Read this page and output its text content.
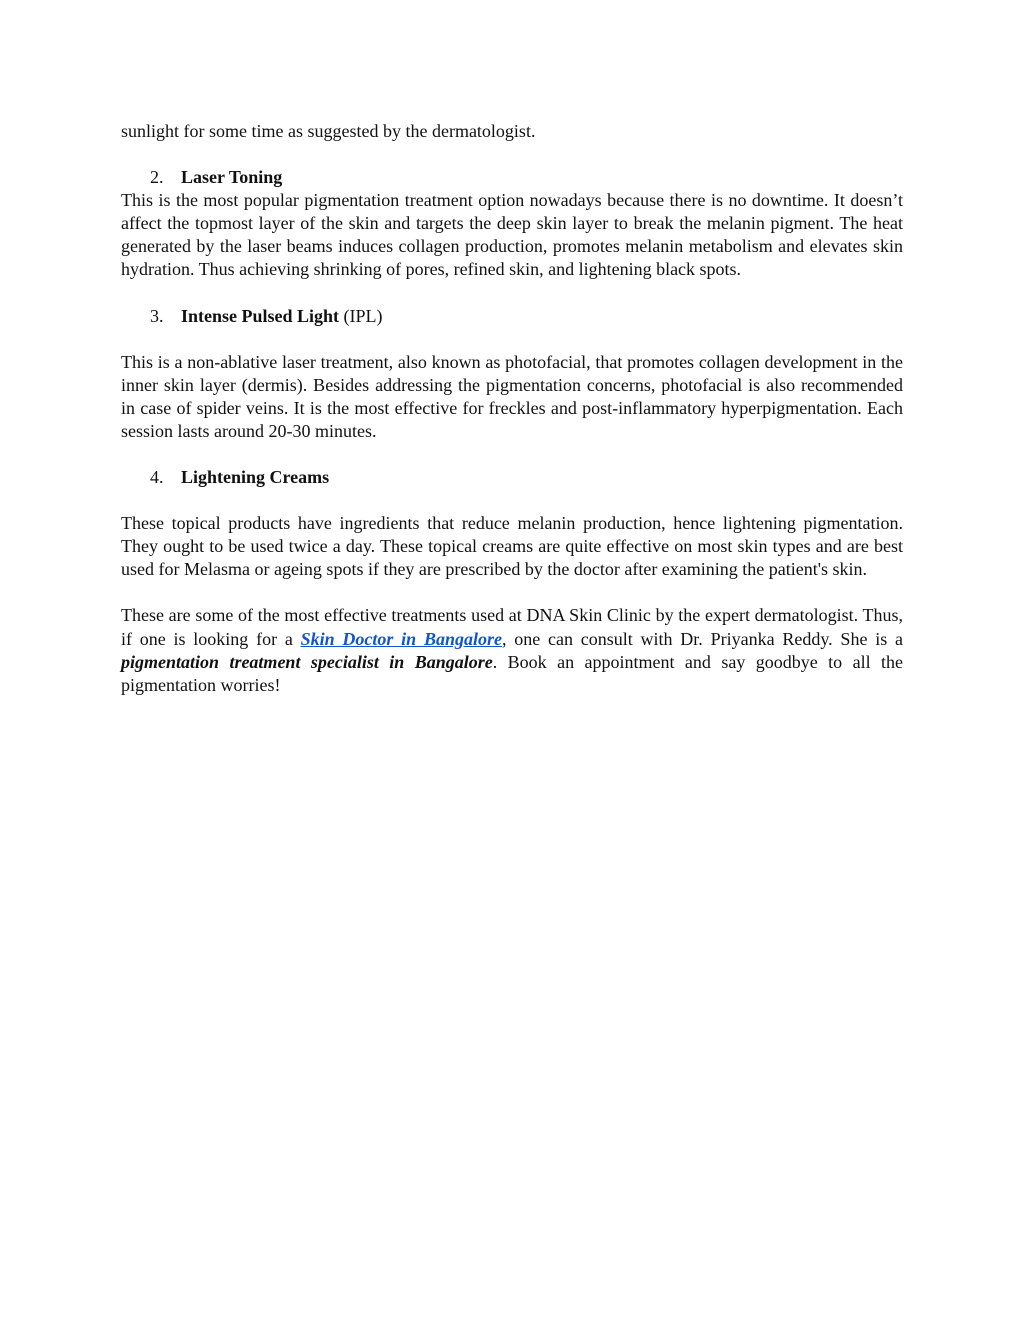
sunlight for some time as suggested by the dermatologist.

2. Laser Toning

This is the most popular pigmentation treatment option nowadays because there is no downtime. It doesn’t affect the topmost layer of the skin and targets the deep skin layer to break the melanin pigment. The heat generated by the laser beams induces collagen production, promotes melanin metabolism and elevates skin hydration. Thus achieving shrinking of pores, refined skin, and lightening black spots.

3. Intense Pulsed Light (IPL)

This is a non-ablative laser treatment, also known as photofacial, that promotes collagen development in the inner skin layer (dermis). Besides addressing the pigmentation concerns, photofacial is also recommended in case of spider veins. It is the most effective for freckles and post-inflammatory hyperpigmentation. Each session lasts around 20-30 minutes.

4. Lightening Creams

These topical products have ingredients that reduce melanin production, hence lightening pigmentation. They ought to be used twice a day. These topical creams are quite effective on most skin types and are best used for Melasma or ageing spots if they are prescribed by the doctor after examining the patient's skin.

These are some of the most effective treatments used at DNA Skin Clinic by the expert dermatologist. Thus, if one is looking for a Skin Doctor in Bangalore, one can consult with Dr. Priyanka Reddy. She is a pigmentation treatment specialist in Bangalore. Book an appointment and say goodbye to all the pigmentation worries!
